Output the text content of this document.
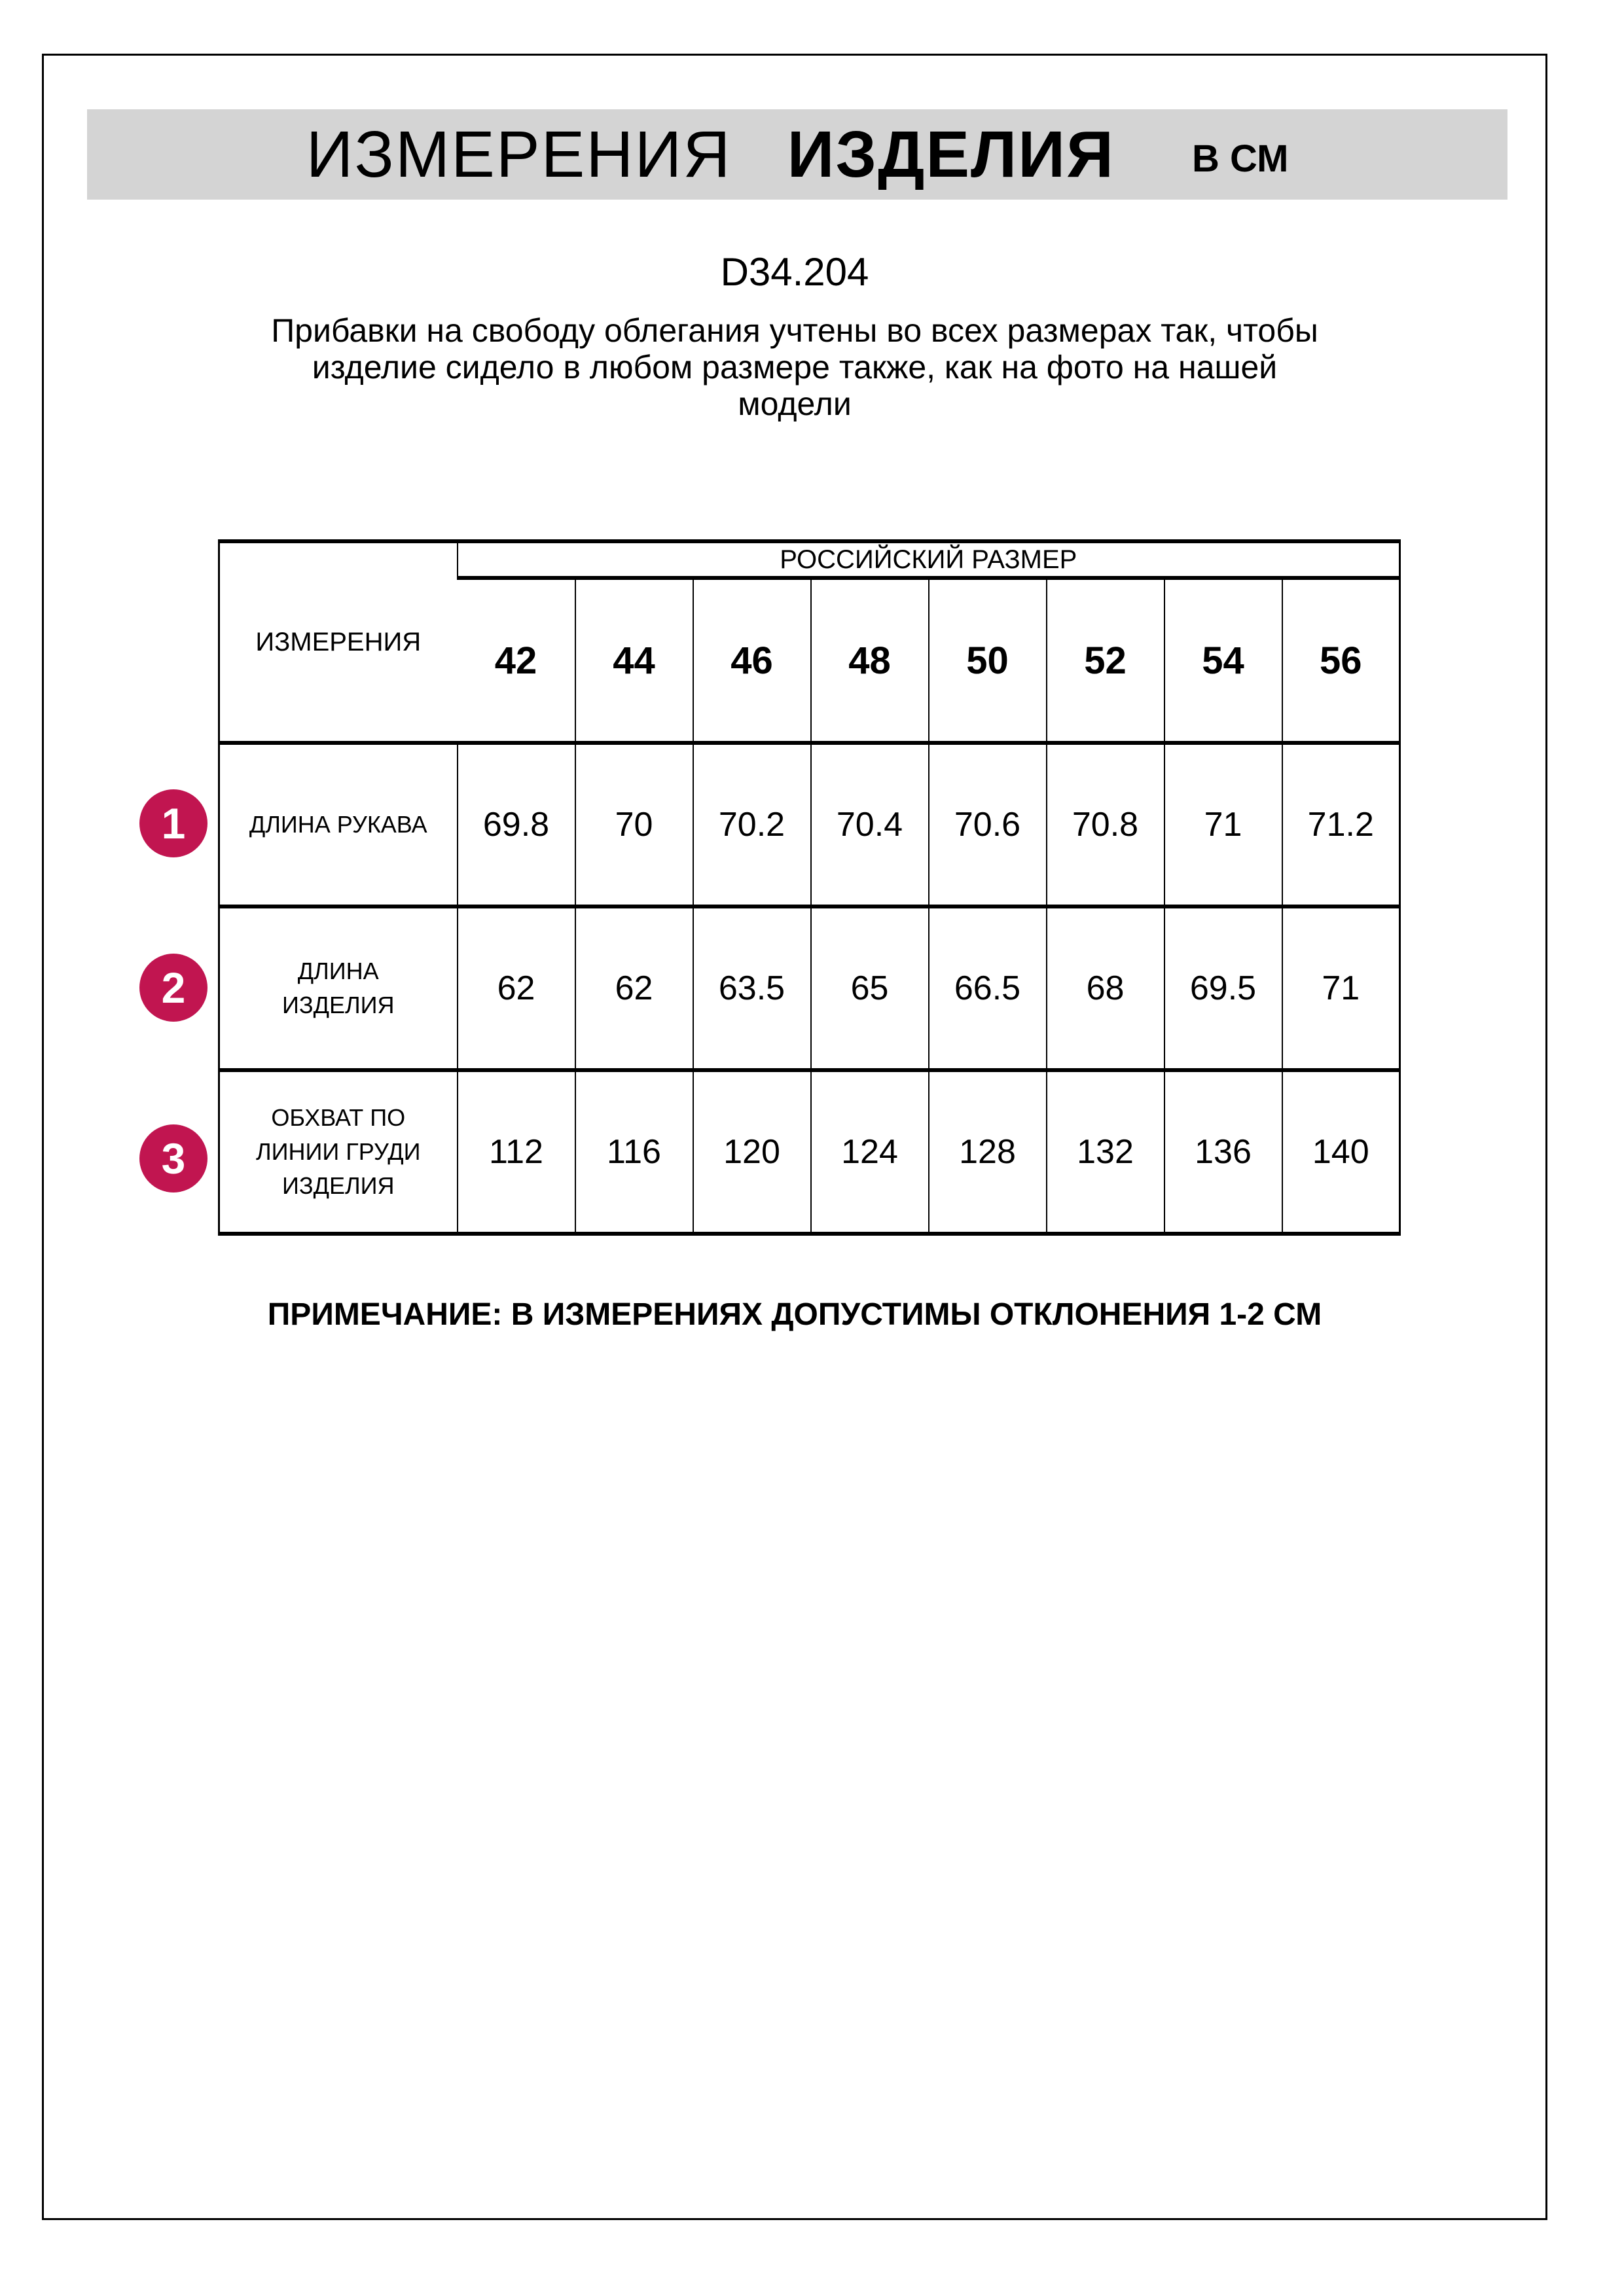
ИЗМЕРЕНИЯ ИЗДЕЛИЯ В СМ
D34.204
Прибавки на свободу облегания учтены во всех размерах так, чтобы
изделие сидело в любом размере также, как на фото на нашей
модели
ИЗМЕРЕНИЯ	РОССИЙСКИЙ РАЗМЕР							
	42	44	46	48	50	52	54	56

ДЛИНА РУКАВА	69.8	70	70.2	70.4	70.6	70.8	71	71.2

ДЛИНА
ИЗДЕЛИЯ	62	62	63.5	65	66.5	68	69.5	71

ОБХВАТ ПО
ЛИНИИ ГРУДИ
ИЗДЕЛИЯ	112	116	120	124	128	132	136	140
1
2
3
ПРИМЕЧАНИЕ: В ИЗМЕРЕНИЯХ ДОПУСТИМЫ ОТКЛОНЕНИЯ 1-2 СМ
